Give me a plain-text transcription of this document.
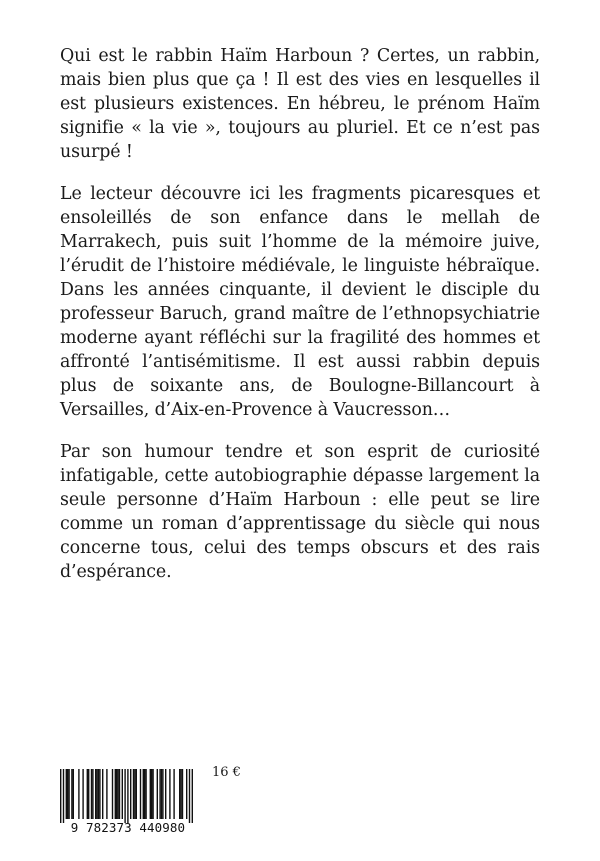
Qui est le rabbin Haïm Harboun ? Certes, un rabbin, mais bien plus que ça ! Il est des vies en lesquelles il est plusieurs existences. En hébreu, le prénom Haïm signifie « la vie », toujours au pluriel. Et ce n’est pas usurpé !

Le lecteur découvre ici les fragments picaresques et ensoleillés de son enfance dans le mellah de Marrakech, puis suit l’homme de la mémoire juive, l’érudit de l’histoire médiévale, le linguiste hébraïque. Dans les années cinquante, il devient le disciple du professeur Baruch, grand maître de l’ethnopsychiatrie moderne ayant réfléchi sur la fragilité des hommes et affronté l’antisémitisme. Il est aussi rabbin depuis plus de soixante ans, de Boulogne-Billancourt à Versailles, d’Aix-en-Provence à Vaucresson…

Par son humour tendre et son esprit de curiosité infatigable, cette autobiographie dépasse largement la seule personne d’Haïm Harboun : elle peut se lire comme un roman d’apprentissage du siècle qui nous concerne tous, celui des temps obscurs et des rais d’espérance.

9 782373 440980
16 €
